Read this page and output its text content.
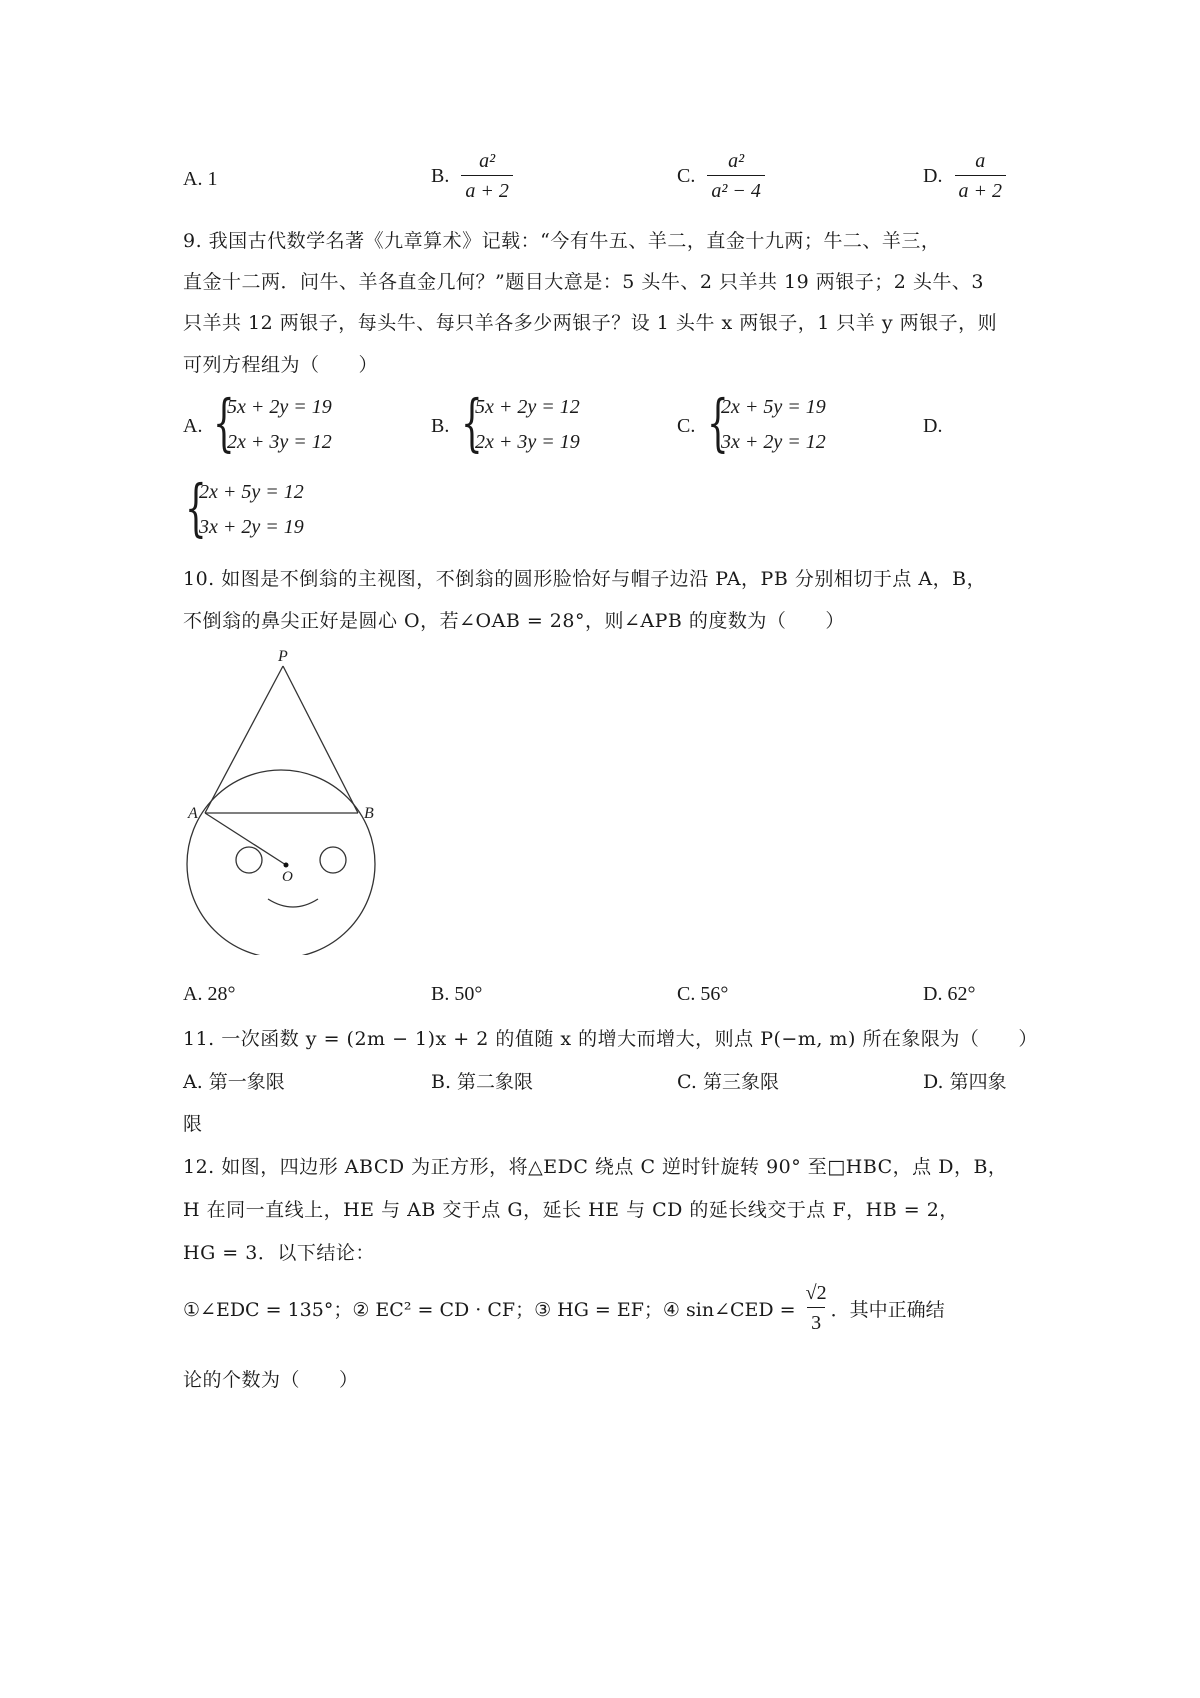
A. 1	B. $\frac{\text{a²}}{a + 2}$	C. $\frac{\text{a²}}{\text{a² − 4}}$	D. $\frac{a}{a + 2}$
9. 我国古代数学名著《九章算术》记载：“今有牛五、羊二，直金十九两；牛二、羊三，
直金十二两．问牛、羊各直金几何？”题目大意是：5 头牛、2 只羊共 19 两银子；2 头牛、3
只羊共 12 两银子，每头牛、每只羊各多少两银子？设 1 头牛 x 两银子，1 只羊 y 两银子，则
可列方程组为（　　）
A. {
5x + 2y = 19
2x + 3y = 12
B. {
5x + 2y = 12
2x + 3y = 19
C. {
2x + 5y = 19
3x + 2y = 12
D.
{
2x + 5y = 12
3x + 2y = 19
10. 如图是不倒翁的主视图，不倒翁的圆形脸恰好与帽子边沿 PA，PB 分别相切于点 A，B，
不倒翁的鼻尖正好是圆心 O，若∠OAB = 28°，则∠APB 的度数为（　　）
P
A	B
O
A. 28°	B. 50°	C. 56°	D. 62°
11. 一次函数 y = (2m − 1)x + 2 的值随 x 的增大而增大，则点 P(−m, m) 所在象限为（　　）
A. 第一象限	B. 第二象限	C. 第三象限	D. 第四象
限
12. 如图，四边形 ABCD 为正方形，将△EDC 绕点 C 逆时针旋转 90° 至□HBC，点 D，B，
H 在同一直线上，HE 与 AB 交于点 G，延长 HE 与 CD 的延长线交于点 F，HB = 2，
HG = 3．以下结论：
①∠EDC = 135°；② EC² = CD · CF；③ HG = EF；④ sin∠CED = $\frac{√2}{3}$ ．其中正确结
论的个数为（　　）
